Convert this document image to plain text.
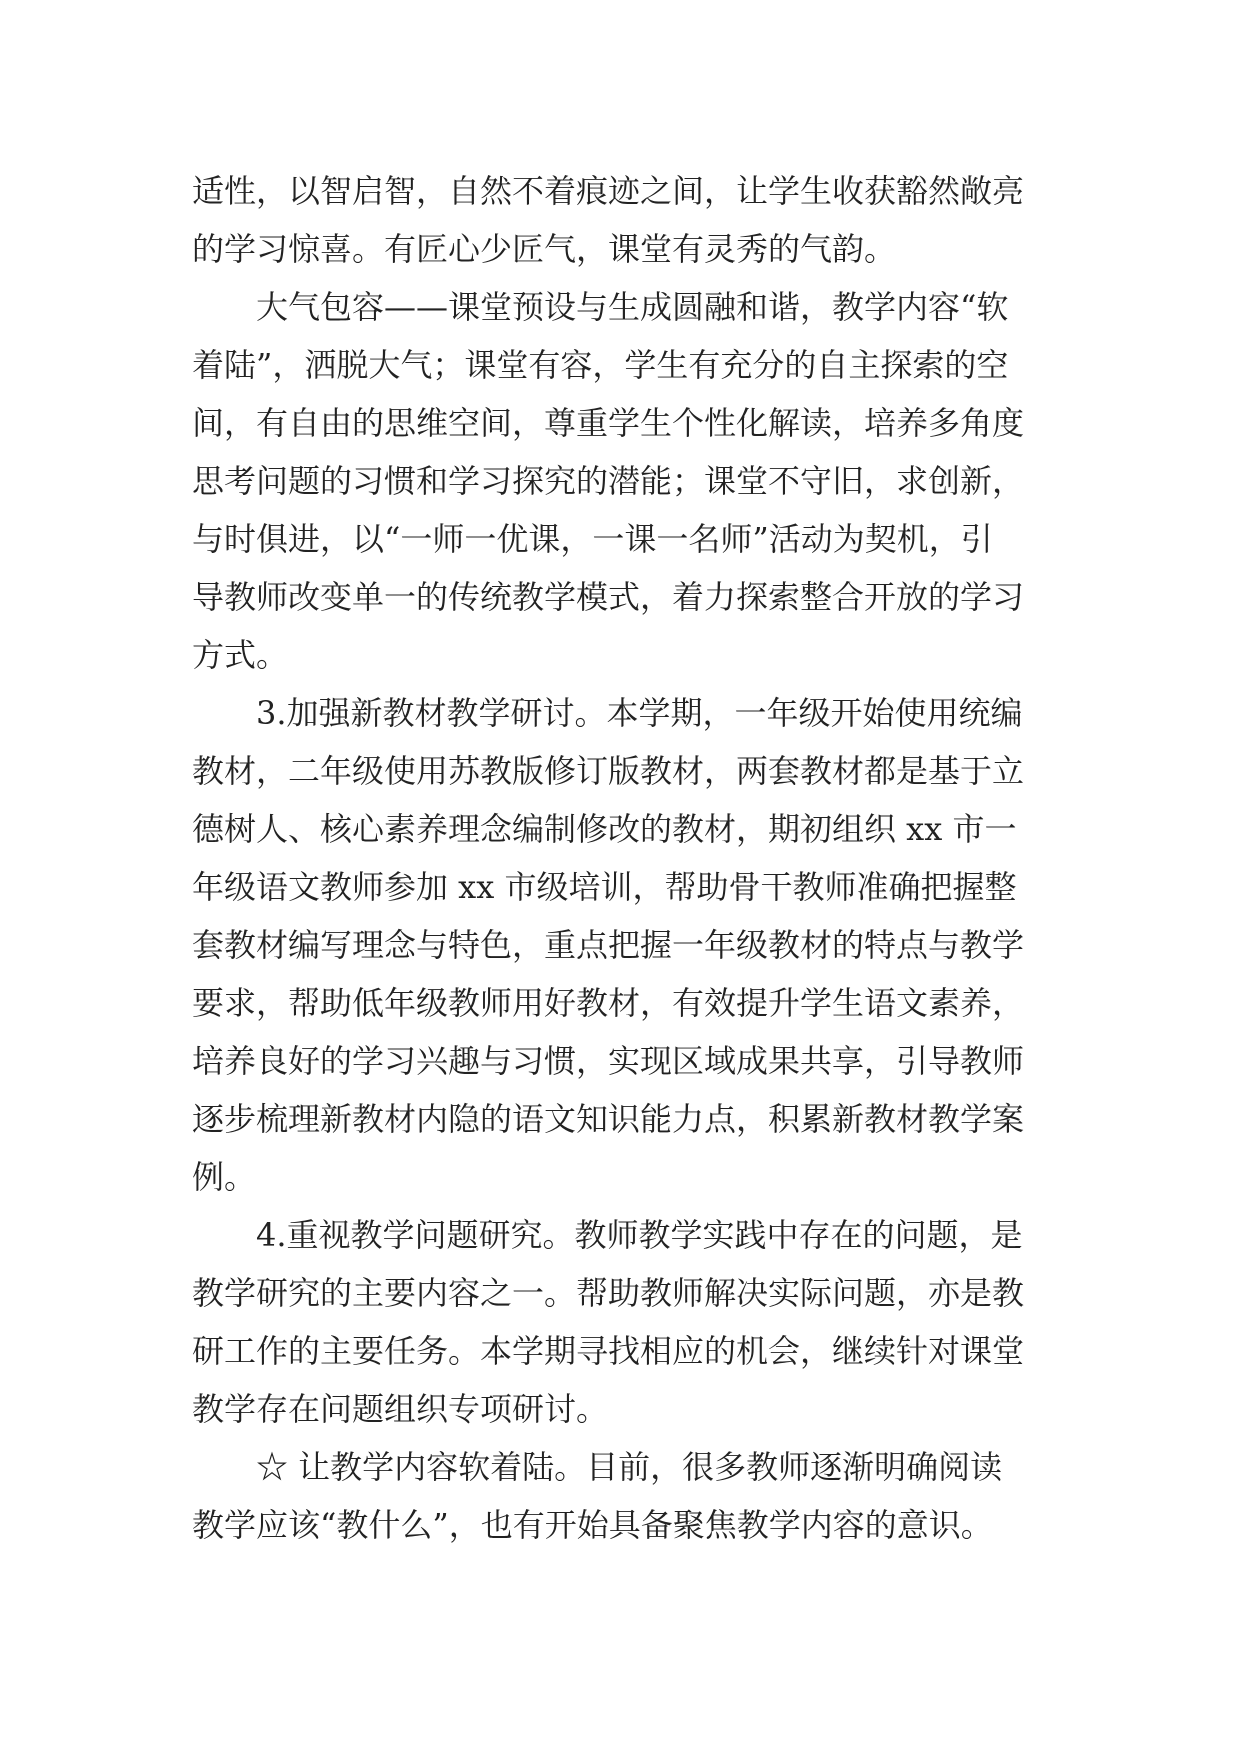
适性，以智启智，自然不着痕迹之间，让学生收获豁然敞亮
的学习惊喜。有匠心少匠气，课堂有灵秀的气韵。
大气包容——课堂预设与生成圆融和谐，教学内容“软
着陆”，洒脱大气；课堂有容，学生有充分的自主探索的空
间，有自由的思维空间，尊重学生个性化解读，培养多角度
思考问题的习惯和学习探究的潜能；课堂不守旧，求创新，
与时俱进，以“一师一优课，一课一名师”活动为契机，引
导教师改变单一的传统教学模式，着力探索整合开放的学习
方式。
3.加强新教材教学研讨。本学期，一年级开始使用统编
教材，二年级使用苏教版修订版教材，两套教材都是基于立
德树人、核心素养理念编制修改的教材，期初组织 xx 市一
年级语文教师参加 xx 市级培训，帮助骨干教师准确把握整
套教材编写理念与特色，重点把握一年级教材的特点与教学
要求，帮助低年级教师用好教材，有效提升学生语文素养，
培养良好的学习兴趣与习惯，实现区域成果共享，引导教师
逐步梳理新教材内隐的语文知识能力点，积累新教材教学案
例。
4.重视教学问题研究。教师教学实践中存在的问题，是
教学研究的主要内容之一。帮助教师解决实际问题，亦是教
研工作的主要任务。本学期寻找相应的机会，继续针对课堂
教学存在问题组织专项研讨。
☆ 让教学内容软着陆。目前，很多教师逐渐明确阅读
教学应该“教什么”，也有开始具备聚焦教学内容的意识。
